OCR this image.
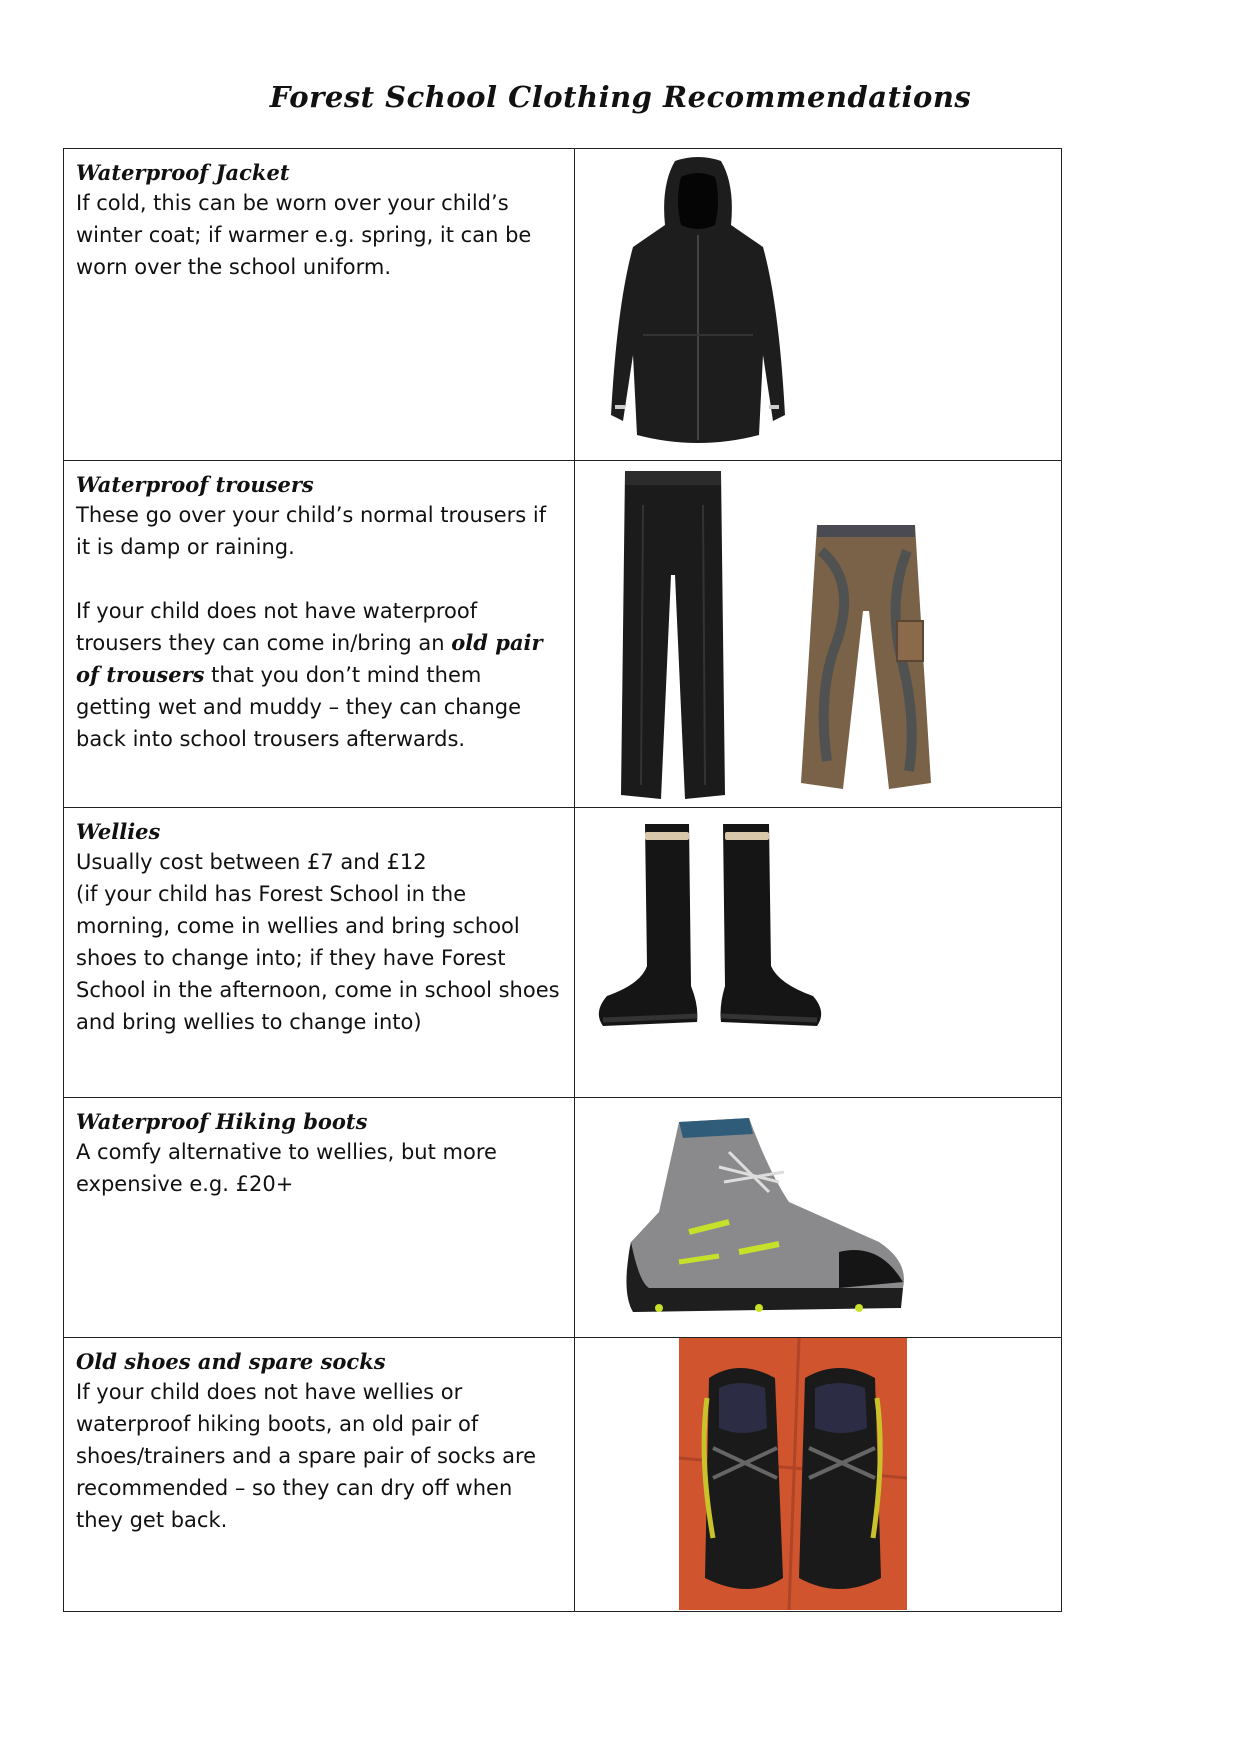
Forest School Clothing Recommendations
Waterproof Jacket

If cold, this can be worn over your child’s winter coat; if warmer e.g. spring, it can be worn over the school uniform.

Waterproof trousers

These go over your child’s normal trousers if it is damp or raining.

If your child does not have waterproof trousers they can come in/bring an old pair of trousers that you don’t mind them getting wet and muddy – they can change back into school trousers afterwards.

Wellies

Usually cost between £7 and £12

(if your child has Forest School in the morning, come in wellies and bring school shoes to change into; if they have Forest School in the afternoon, come in school shoes and bring wellies to change into)

Waterproof Hiking boots

A comfy alternative to wellies, but more expensive e.g. £20+

Old shoes and spare socks

If your child does not have wellies or waterproof hiking boots, an old pair of shoes/trainers and a spare pair of socks are recommended – so they can dry off when they get back.
